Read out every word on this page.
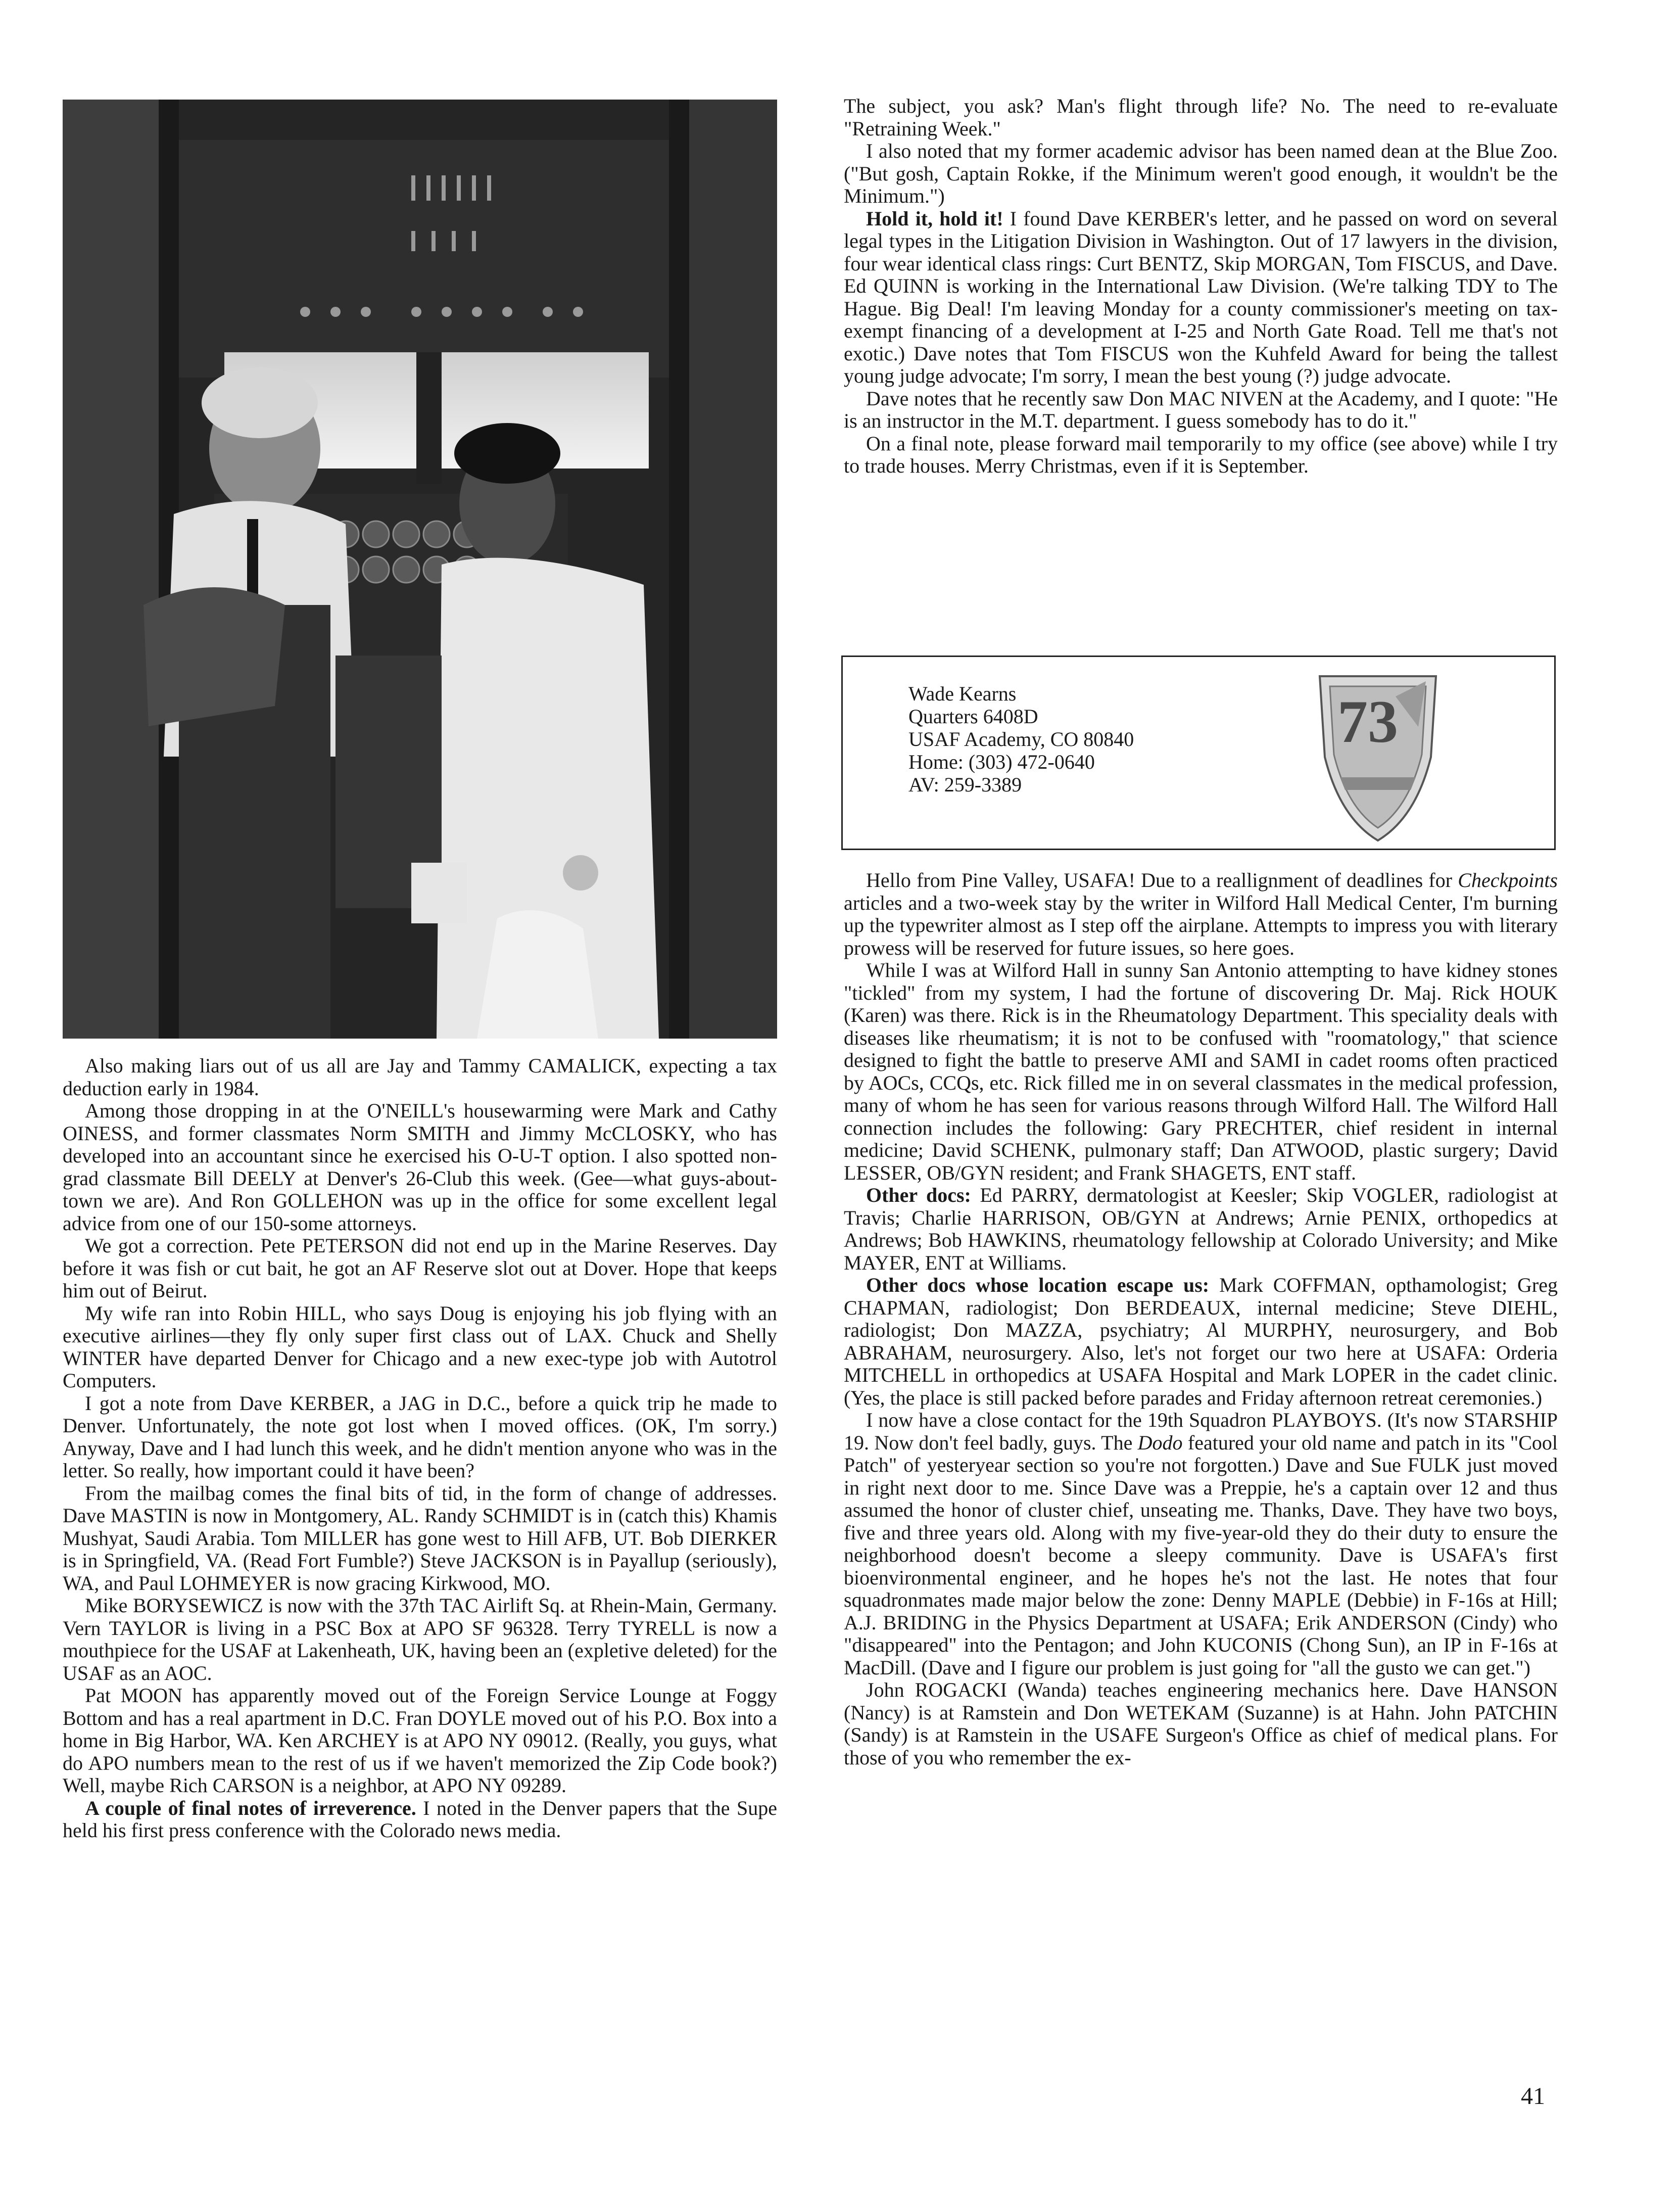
Also making liars out of us all are Jay and Tammy CAMALICK, expecting a tax deduction early in 1984.

Among those dropping in at the O'NEILL's housewarming were Mark and Cathy OINESS, and former classmates Norm SMITH and Jimmy McCLOSKY, who has developed into an accountant since he exercised his O-U-T option. I also spotted non-grad classmate Bill DEELY at Denver's 26-Club this week. (Gee—what guys-about-town we are). And Ron GOLLEHON was up in the office for some excellent legal advice from one of our 150-some attorneys.

We got a correction. Pete PETERSON did not end up in the Marine Reserves. Day before it was fish or cut bait, he got an AF Reserve slot out at Dover. Hope that keeps him out of Beirut.

My wife ran into Robin HILL, who says Doug is enjoying his job flying with an executive airlines—they fly only super first class out of LAX. Chuck and Shelly WINTER have departed Denver for Chicago and a new exec-type job with Autotrol Computers.

I got a note from Dave KERBER, a JAG in D.C., before a quick trip he made to Denver. Unfortunately, the note got lost when I moved offices. (OK, I'm sorry.) Anyway, Dave and I had lunch this week, and he didn't mention anyone who was in the letter. So really, how important could it have been?

From the mailbag comes the final bits of tid, in the form of change of addresses. Dave MASTIN is now in Montgomery, AL. Randy SCHMIDT is in (catch this) Khamis Mushyat, Saudi Arabia. Tom MILLER has gone west to Hill AFB, UT. Bob DIERKER is in Springfield, VA. (Read Fort Fumble?) Steve JACKSON is in Payallup (seriously), WA, and Paul LOHMEYER is now gracing Kirkwood, MO.

Mike BORYSEWICZ is now with the 37th TAC Airlift Sq. at Rhein-Main, Germany. Vern TAYLOR is living in a PSC Box at APO SF 96328. Terry TYRELL is now a mouthpiece for the USAF at Lakenheath, UK, having been an (expletive deleted) for the USAF as an AOC.

Pat MOON has apparently moved out of the Foreign Service Lounge at Foggy Bottom and has a real apartment in D.C. Fran DOYLE moved out of his P.O. Box into a home in Big Harbor, WA. Ken ARCHEY is at APO NY 09012. (Really, you guys, what do APO numbers mean to the rest of us if we haven't memorized the Zip Code book?) Well, maybe Rich CARSON is a neighbor, at APO NY 09289.

A couple of final notes of irreverence. I noted in the Denver papers that the Supe held his first press conference with the Colorado news media.

The subject, you ask? Man's flight through life? No. The need to re-evaluate "Retraining Week."

I also noted that my former academic advisor has been named dean at the Blue Zoo. ("But gosh, Captain Rokke, if the Minimum weren't good enough, it wouldn't be the Minimum.")

Hold it, hold it! I found Dave KERBER's letter, and he passed on word on several legal types in the Litigation Division in Washington. Out of 17 lawyers in the division, four wear identical class rings: Curt BENTZ, Skip MORGAN, Tom FISCUS, and Dave. Ed QUINN is working in the International Law Division. (We're talking TDY to The Hague. Big Deal! I'm leaving Monday for a county commissioner's meeting on tax-exempt financing of a development at I-25 and North Gate Road. Tell me that's not exotic.) Dave notes that Tom FISCUS won the Kuhfeld Award for being the tallest young judge advocate; I'm sorry, I mean the best young (?) judge advocate.

Dave notes that he recently saw Don MAC NIVEN at the Academy, and I quote: "He is an instructor in the M.T. department. I guess somebody has to do it."

On a final note, please forward mail temporarily to my office (see above) while I try to trade houses. Merry Christmas, even if it is September.

Wade Kearns
Quarters 6408D
USAF Academy, CO 80840
Home: (303) 472-0640
AV: 259-3389
73

Hello from Pine Valley, USAFA! Due to a reallignment of deadlines for Checkpoints articles and a two-week stay by the writer in Wilford Hall Medical Center, I'm burning up the typewriter almost as I step off the airplane. Attempts to impress you with literary prowess will be reserved for future issues, so here goes.

While I was at Wilford Hall in sunny San Antonio attempting to have kidney stones "tickled" from my system, I had the fortune of discovering Dr. Maj. Rick HOUK (Karen) was there. Rick is in the Rheumatology Department. This speciality deals with diseases like rheumatism; it is not to be confused with "roomatology," that science designed to fight the battle to preserve AMI and SAMI in cadet rooms often practiced by AOCs, CCQs, etc. Rick filled me in on several classmates in the medical profession, many of whom he has seen for various reasons through Wilford Hall. The Wilford Hall connection includes the following: Gary PRECHTER, chief resident in internal medicine; David SCHENK, pulmonary staff; Dan ATWOOD, plastic surgery; David LESSER, OB/GYN resident; and Frank SHAGETS, ENT staff.

Other docs: Ed PARRY, dermatologist at Keesler; Skip VOGLER, radiologist at Travis; Charlie HARRISON, OB/GYN at Andrews; Arnie PENIX, orthopedics at Andrews; Bob HAWKINS, rheumatology fellowship at Colorado University; and Mike MAYER, ENT at Williams.

Other docs whose location escape us: Mark COFFMAN, opthamologist; Greg CHAPMAN, radiologist; Don BERDEAUX, internal medicine; Steve DIEHL, radiologist; Don MAZZA, psychiatry; Al MURPHY, neurosurgery, and Bob ABRAHAM, neurosurgery. Also, let's not forget our two here at USAFA: Orderia MITCHELL in orthopedics at USAFA Hospital and Mark LOPER in the cadet clinic. (Yes, the place is still packed before parades and Friday afternoon retreat ceremonies.)

I now have a close contact for the 19th Squadron PLAYBOYS. (It's now STARSHIP 19. Now don't feel badly, guys. The Dodo featured your old name and patch in its "Cool Patch" of yesteryear section so you're not forgotten.) Dave and Sue FULK just moved in right next door to me. Since Dave was a Preppie, he's a captain over 12 and thus assumed the honor of cluster chief, unseating me. Thanks, Dave. They have two boys, five and three years old. Along with my five-year-old they do their duty to ensure the neighborhood doesn't become a sleepy community. Dave is USAFA's first bioenvironmental engineer, and he hopes he's not the last. He notes that four squadronmates made major below the zone: Denny MAPLE (Debbie) in F-16s at Hill; A.J. BRIDING in the Physics Department at USAFA; Erik ANDERSON (Cindy) who "disappeared" into the Pentagon; and John KUCONIS (Chong Sun), an IP in F-16s at MacDill. (Dave and I figure our problem is just going for "all the gusto we can get.")

John ROGACKI (Wanda) teaches engineering mechanics here. Dave HANSON (Nancy) is at Ramstein and Don WETEKAM (Suzanne) is at Hahn. John PATCHIN (Sandy) is at Ramstein in the USAFE Surgeon's Office as chief of medical plans. For those of you who remember the ex-

41
